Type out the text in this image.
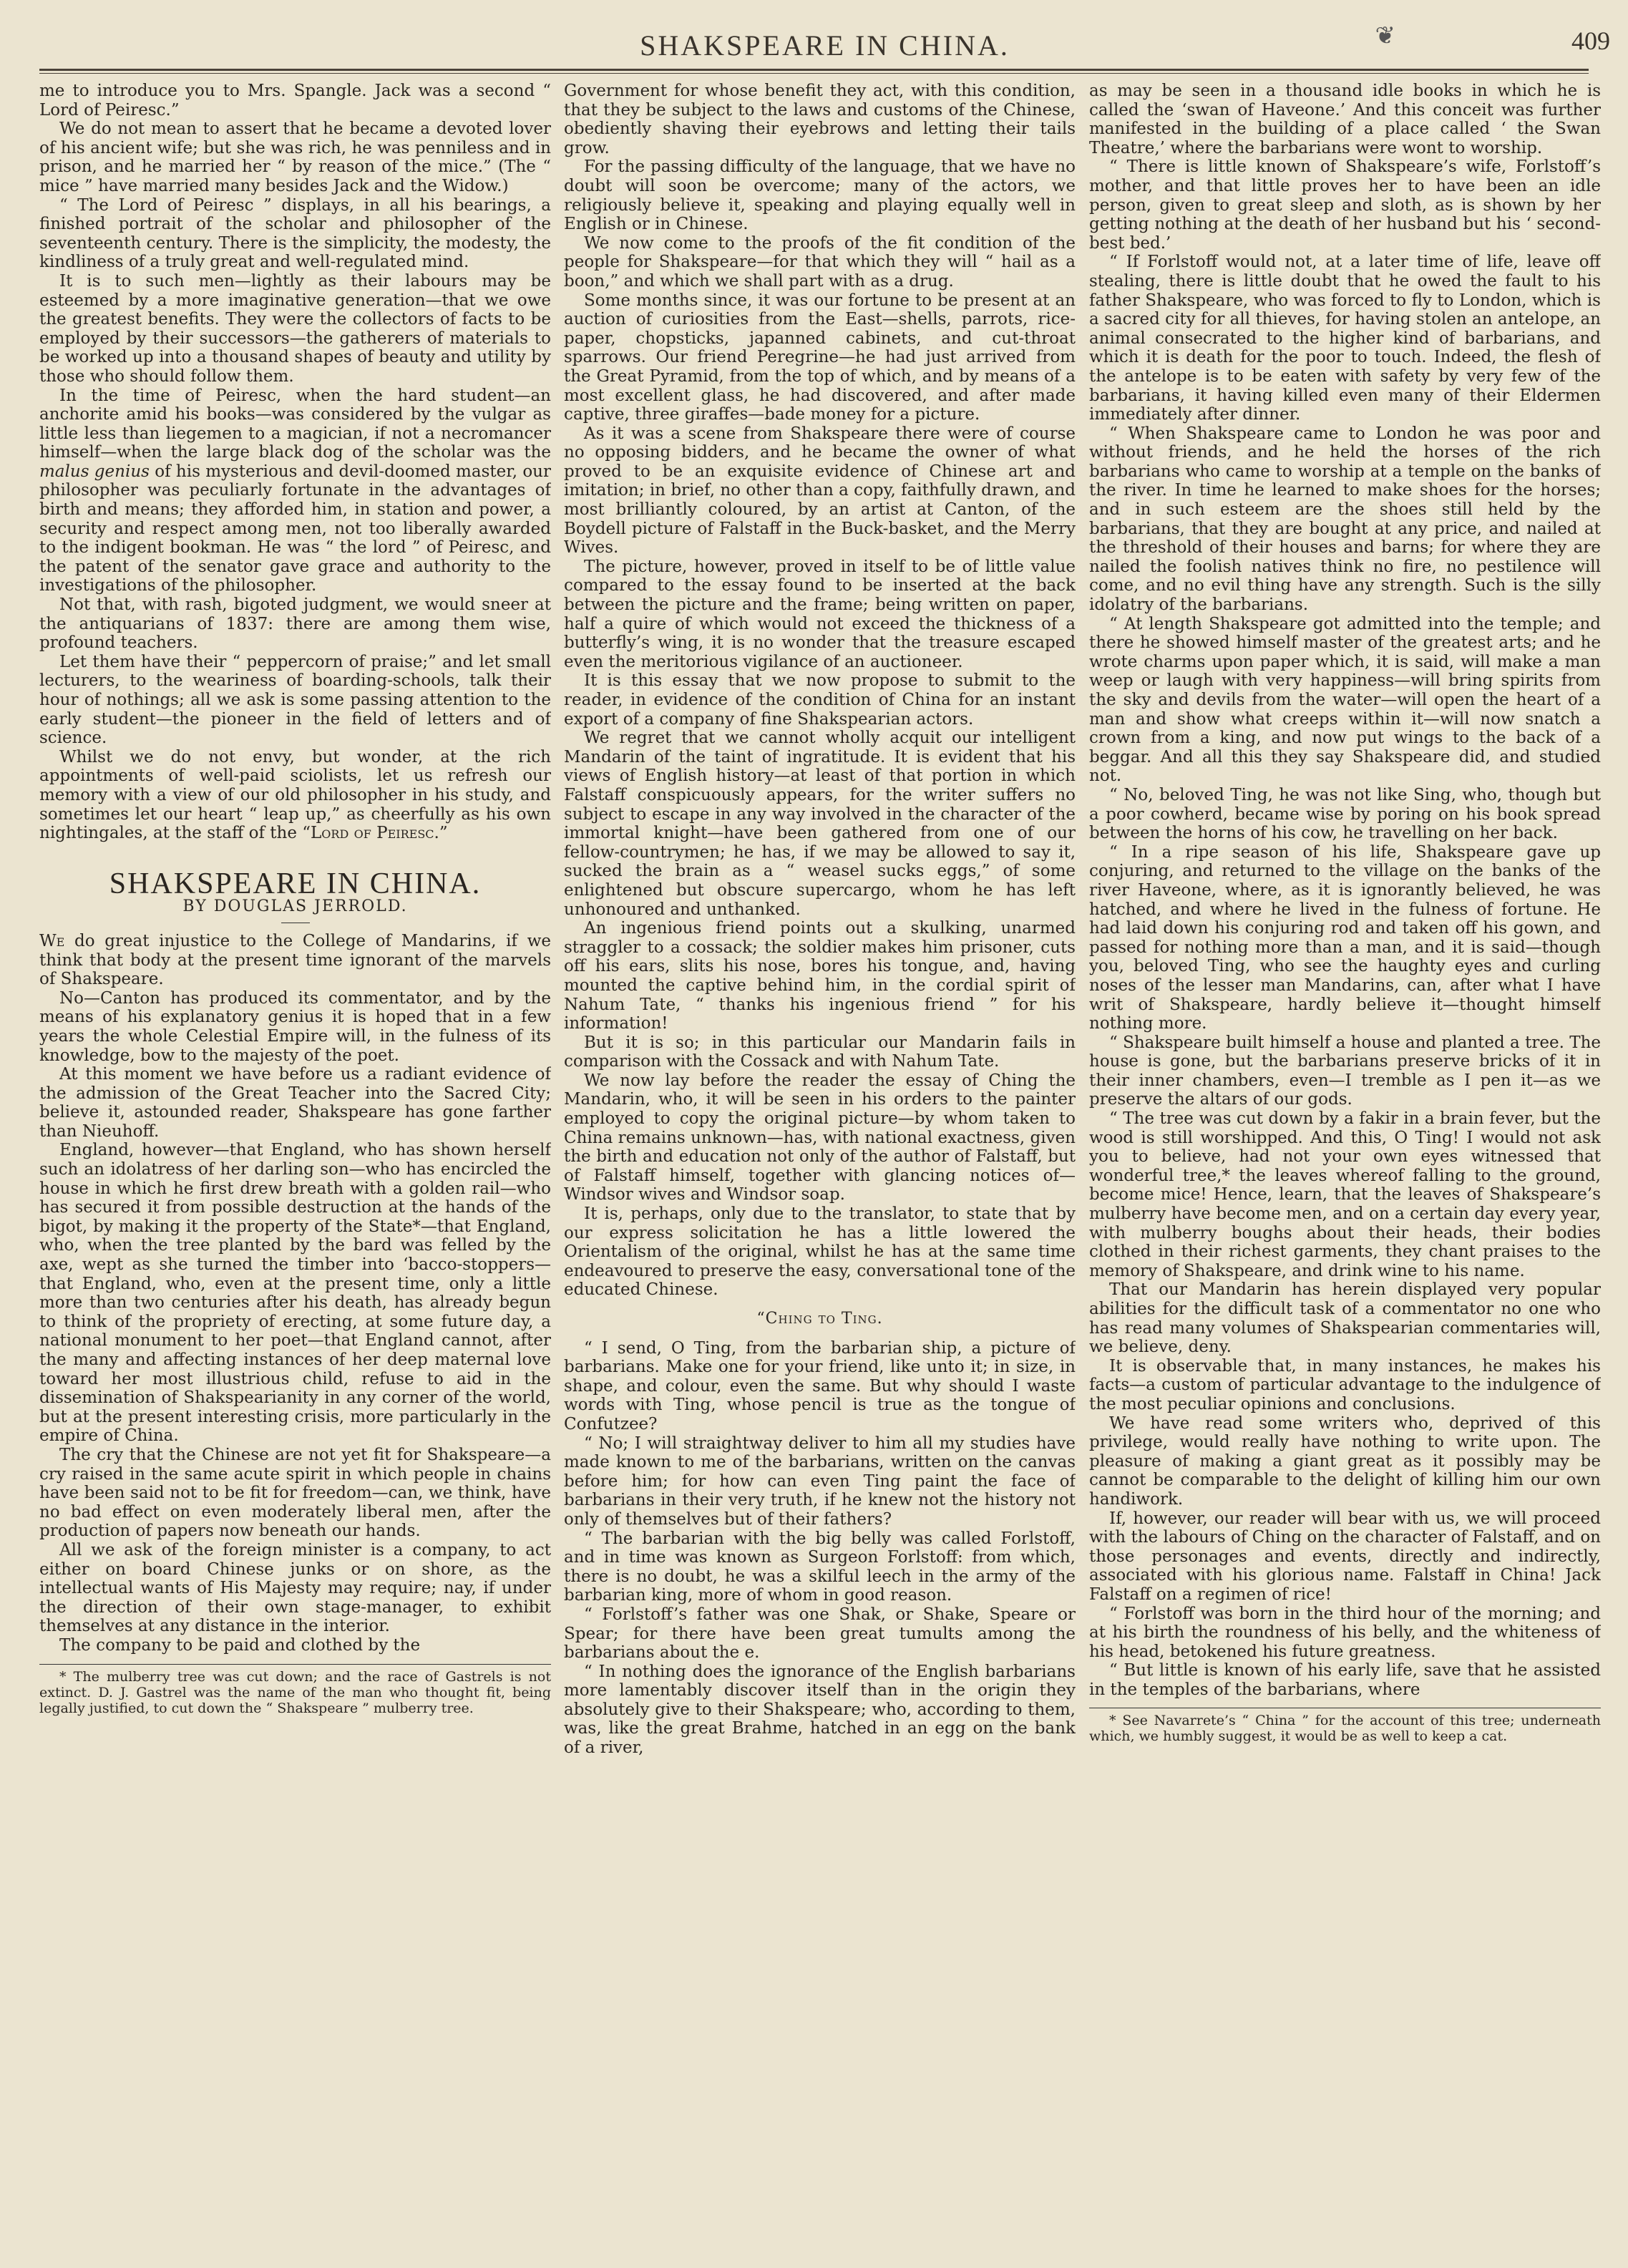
SHAKSPEARE IN CHINA.	❦	409

me to introduce you to Mrs. Spangle. Jack was a second “ Lord of Peiresc.”

We do not mean to assert that he became a devoted lover of his ancient wife; but she was rich, he was penniless and in prison, and he married her “ by reason of the mice.” (The “ mice ” have married many besides Jack and the Widow.)

“ The Lord of Peiresc ” displays, in all his bearings, a finished portrait of the scholar and philosopher of the seventeenth century. There is the simplicity, the modesty, the kindliness of a truly great and well-regulated mind.

It is to such men—lightly as their labours may be esteemed by a more imaginative generation—that we owe the greatest benefits. They were the collectors of facts to be employed by their successors—the gatherers of materials to be worked up into a thousand shapes of beauty and utility by those who should follow them.

In the time of Peiresc, when the hard student—an anchorite amid his books—was considered by the vulgar as little less than liegemen to a magician, if not a necromancer himself—when the large black dog of the scholar was the malus genius of his mysterious and devil-doomed master, our philosopher was peculiarly fortunate in the advantages of birth and means; they afforded him, in station and power, a security and respect among men, not too liberally awarded to the indigent bookman. He was “ the lord ” of Peiresc, and the patent of the senator gave grace and authority to the investigations of the philosopher.

Not that, with rash, bigoted judgment, we would sneer at the antiquarians of 1837: there are among them wise, profound teachers.

Let them have their “ peppercorn of praise;” and let small lecturers, to the weariness of boarding-schools, talk their hour of nothings; all we ask is some passing attention to the early student—the pioneer in the field of letters and of science.

Whilst we do not envy, but wonder, at the rich appointments of well-paid sciolists, let us refresh our memory with a view of our old philosopher in his study, and sometimes let our heart “ leap up,” as cheerfully as his own nightingales, at the staff of the “Lord of Peiresc.”

SHAKSPEARE IN CHINA.
BY DOUGLAS JERROLD.

We do great injustice to the College of Mandarins, if we think that body at the present time ignorant of the marvels of Shakspeare.

No—Canton has produced its commentator, and by the means of his explanatory genius it is hoped that in a few years the whole Celestial Empire will, in the fulness of its knowledge, bow to the majesty of the poet.

At this moment we have before us a radiant evidence of the admission of the Great Teacher into the Sacred City; believe it, astounded reader, Shakspeare has gone farther than Nieuhoff.

England, however—that England, who has shown herself such an idolatress of her darling son—who has encircled the house in which he first drew breath with a golden rail—who has secured it from possible destruction at the hands of the bigot, by making it the property of the State*—that England, who, when the tree planted by the bard was felled by the axe, wept as she turned the timber into ‘bacco-stoppers—that England, who, even at the present time, only a little more than two centuries after his death, has already begun to think of the propriety of erecting, at some future day, a national monument to her poet—that England cannot, after the many and affecting instances of her deep maternal love toward her most illustrious child, refuse to aid in the dissemination of Shakspearianity in any corner of the world, but at the present interesting crisis, more particularly in the empire of China.

The cry that the Chinese are not yet fit for Shakspeare—a cry raised in the same acute spirit in which people in chains have been said not to be fit for freedom—can, we think, have no bad effect on even moderately liberal men, after the production of papers now beneath our hands.

All we ask of the foreign minister is a company, to act either on board Chinese junks or on shore, as the intellectual wants of His Majesty may require; nay, if under the direction of their own stage-manager, to exhibit themselves at any distance in the interior.

The company to be paid and clothed by the

* The mulberry tree was cut down; and the race of Gastrels is not extinct. D. J. Gastrel was the name of the man who thought fit, being legally justified, to cut down the “ Shakspeare ” mulberry tree.

Government for whose benefit they act, with this condition, that they be subject to the laws and customs of the Chinese, obediently shaving their eyebrows and letting their tails grow.

For the passing difficulty of the language, that we have no doubt will soon be overcome; many of the actors, we religiously believe it, speaking and playing equally well in English or in Chinese.

We now come to the proofs of the fit condition of the people for Shakspeare—for that which they will “ hail as a boon,” and which we shall part with as a drug.

Some months since, it was our fortune to be present at an auction of curiosities from the East—shells, parrots, rice-paper, chopsticks, japanned cabinets, and cut-throat sparrows. Our friend Peregrine—he had just arrived from the Great Pyramid, from the top of which, and by means of a most excellent glass, he had discovered, and after made captive, three giraffes—bade money for a picture.

As it was a scene from Shakspeare there were of course no opposing bidders, and he became the owner of what proved to be an exquisite evidence of Chinese art and imitation; in brief, no other than a copy, faithfully drawn, and most brilliantly coloured, by an artist at Canton, of the Boydell picture of Falstaff in the Buck-basket, and the Merry Wives.

The picture, however, proved in itself to be of little value compared to the essay found to be inserted at the back between the picture and the frame; being written on paper, half a quire of which would not exceed the thickness of a butterfly’s wing, it is no wonder that the treasure escaped even the meritorious vigilance of an auctioneer.

It is this essay that we now propose to submit to the reader, in evidence of the condition of China for an instant export of a company of fine Shakspearian actors.

We regret that we cannot wholly acquit our intelligent Mandarin of the taint of ingratitude. It is evident that his views of English history—at least of that portion in which Falstaff conspicuously appears, for the writer suffers no subject to escape in any way involved in the character of the immortal knight—have been gathered from one of our fellow-countrymen; he has, if we may be allowed to say it, sucked the brain as a “ weasel sucks eggs,” of some enlightened but obscure supercargo, whom he has left unhonoured and unthanked.

An ingenious friend points out a skulking, unarmed straggler to a cossack; the soldier makes him prisoner, cuts off his ears, slits his nose, bores his tongue, and, having mounted the captive behind him, in the cordial spirit of Nahum Tate, “ thanks his ingenious friend ” for his information!

But it is so; in this particular our Mandarin fails in comparison with the Cossack and with Nahum Tate.

We now lay before the reader the essay of Ching the Mandarin, who, it will be seen in his orders to the painter employed to copy the original picture—by whom taken to China remains unknown—has, with national exactness, given the birth and education not only of the author of Falstaff, but of Falstaff himself, together with glancing notices of—Windsor wives and Windsor soap.

It is, perhaps, only due to the translator, to state that by our express solicitation he has a little lowered the Orientalism of the original, whilst he has at the same time endeavoured to preserve the easy, conversational tone of the educated Chinese.

“Ching to Ting.

“ I send, O Ting, from the barbarian ship, a picture of barbarians. Make one for your friend, like unto it; in size, in shape, and colour, even the same. But why should I waste words with Ting, whose pencil is true as the tongue of Confutzee?

“ No; I will straightway deliver to him all my studies have made known to me of the barbarians, written on the canvas before him; for how can even Ting paint the face of barbarians in their very truth, if he knew not the history not only of themselves but of their fathers?

“ The barbarian with the big belly was called Forlstoff, and in time was known as Surgeon Forlstoff: from which, there is no doubt, he was a skilful leech in the army of the barbarian king, more of whom in good reason.

“ Forlstoff’s father was one Shak, or Shake, Speare or Spear; for there have been great tumults among the barbarians about the e.

“ In nothing does the ignorance of the English barbarians more lamentably discover itself than in the origin they absolutely give to their Shakspeare; who, according to them, was, like the great Brahme, hatched in an egg on the bank of a river,

as may be seen in a thousand idle books in which he is called the ‘swan of Haveone.’ And this conceit was further manifested in the building of a place called ‘ the Swan Theatre,’ where the barbarians were wont to worship.

“ There is little known of Shakspeare’s wife, Forlstoff’s mother, and that little proves her to have been an idle person, given to great sleep and sloth, as is shown by her getting nothing at the death of her husband but his ‘ second-best bed.’

“ If Forlstoff would not, at a later time of life, leave off stealing, there is little doubt that he owed the fault to his father Shakspeare, who was forced to fly to London, which is a sacred city for all thieves, for having stolen an antelope, an animal consecrated to the higher kind of barbarians, and which it is death for the poor to touch. Indeed, the flesh of the antelope is to be eaten with safety by very few of the barbarians, it having killed even many of their Eldermen immediately after dinner.

“ When Shakspeare came to London he was poor and without friends, and he held the horses of the rich barbarians who came to worship at a temple on the banks of the river. In time he learned to make shoes for the horses; and in such esteem are the shoes still held by the barbarians, that they are bought at any price, and nailed at the threshold of their houses and barns; for where they are nailed the foolish natives think no fire, no pestilence will come, and no evil thing have any strength. Such is the silly idolatry of the barbarians.

“ At length Shakspeare got admitted into the temple; and there he showed himself master of the greatest arts; and he wrote charms upon paper which, it is said, will make a man weep or laugh with very happiness—will bring spirits from the sky and devils from the water—will open the heart of a man and show what creeps within it—will now snatch a crown from a king, and now put wings to the back of a beggar. And all this they say Shakspeare did, and studied not.

“ No, beloved Ting, he was not like Sing, who, though but a poor cowherd, became wise by poring on his book spread between the horns of his cow, he travelling on her back.

“ In a ripe season of his life, Shakspeare gave up conjuring, and returned to the village on the banks of the river Haveone, where, as it is ignorantly believed, he was hatched, and where he lived in the fulness of fortune. He had laid down his conjuring rod and taken off his gown, and passed for nothing more than a man, and it is said—though you, beloved Ting, who see the haughty eyes and curling noses of the lesser man Mandarins, can, after what I have writ of Shakspeare, hardly believe it—thought himself nothing more.

“ Shakspeare built himself a house and planted a tree. The house is gone, but the barbarians preserve bricks of it in their inner chambers, even—I tremble as I pen it—as we preserve the altars of our gods.

“ The tree was cut down by a fakir in a brain fever, but the wood is still worshipped. And this, O Ting! I would not ask you to believe, had not your own eyes witnessed that wonderful tree,* the leaves whereof falling to the ground, become mice! Hence, learn, that the leaves of Shakspeare’s mulberry have become men, and on a certain day every year, with mulberry boughs about their heads, their bodies clothed in their richest garments, they chant praises to the memory of Shakspeare, and drink wine to his name.

That our Mandarin has herein displayed very popular abilities for the difficult task of a commentator no one who has read many volumes of Shakspearian commentaries will, we believe, deny.

It is observable that, in many instances, he makes his facts—a custom of particular advantage to the indulgence of the most peculiar opinions and conclusions.

We have read some writers who, deprived of this privilege, would really have nothing to write upon. The pleasure of making a giant great as it possibly may be cannot be comparable to the delight of killing him our own handiwork.

If, however, our reader will bear with us, we will proceed with the labours of Ching on the character of Falstaff, and on those personages and events, directly and indirectly, associated with his glorious name. Falstaff in China! Jack Falstaff on a regimen of rice!

“ Forlstoff was born in the third hour of the morning; and at his birth the roundness of his belly, and the whiteness of his head, betokened his future greatness.

“ But little is known of his early life, save that he assisted in the temples of the barbarians, where

* See Navarrete’s “ China ” for the account of this tree; underneath which, we humbly suggest, it would be as well to keep a cat.
